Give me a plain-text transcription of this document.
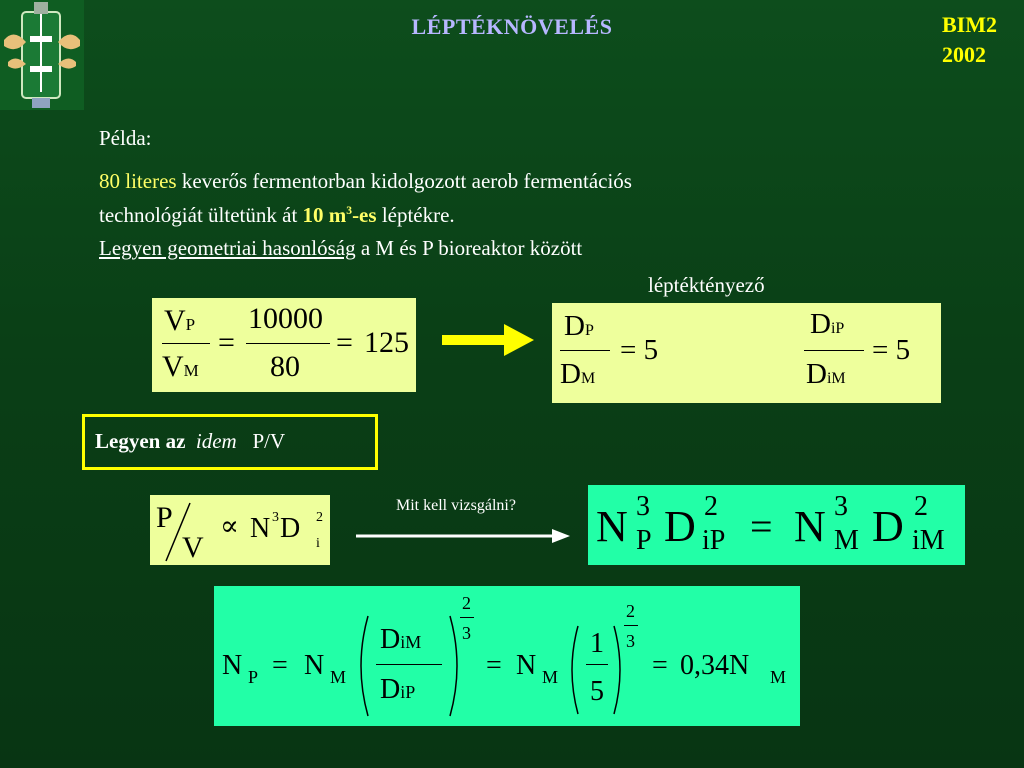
LÉPTÉKNÖVELÉS	BIM2
2002
Példa:
80 literes keverős fermentorban kidolgozott aerob fermentációs
technológiát ültetünk át 10 $m^3-es$ léptékre.
Legyen geometriai hasonlóság a M és P bioreaktor között
léptéktényező
VP
VM
=
10000
80
= 125	DP
DM
= 5
DiP
DiM
= 5
Legyen az idem P/V
P
V
∝ N 3 D 2
i
Mit kell vizsgálni? N 3
P D 2
iP = N 3
M D 2
iM
N P = N M
DiM
DiP
2
3
= N M
1
5
2
3
= 0,34N M
